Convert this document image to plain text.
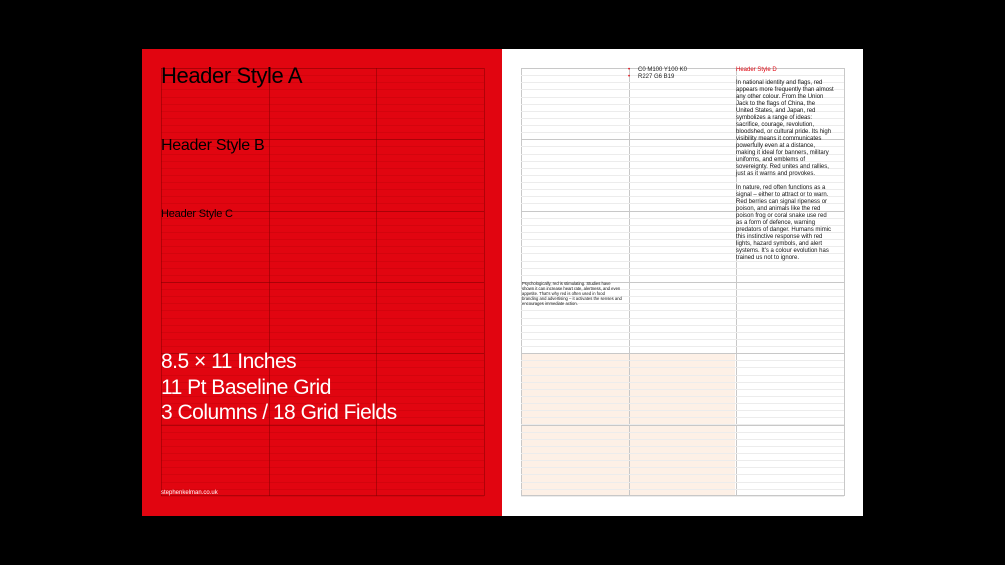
Header Style A
Header Style B
Header Style C
8.5 × 11 Inches
11 Pt Baseline Grid
3 Columns / 18 Grid Fields
stephenkelman.co.uk
• C0 M100 Y100 K0
• R227 G6 B19
Header Style D

In national identity and flags, red appears more frequently than almost any other colour. From the Union Jack to the flags of China, the United States, and Japan, red symbolizes a range of ideas: sacrifice, courage, revolution, bloodshed, or cultural pride. Its high visibility means it communicates powerfully even at a distance, making it ideal for banners, military uniforms, and emblems of sovereignty. Red unites and rallies, just as it warns and provokes.

In nature, red often functions as a signal – either to attract or to warn. Red berries can signal ripeness or poison, and animals like the red poison frog or coral snake use red as a form of defence, warning predators of danger. Humans mimic this instinctive response with red lights, hazard symbols, and alert systems. It's a colour evolution has trained us not to ignore.

Psychologically, red is stimulating. Studies have shown it can increase heart rate, alertness, and even appetite. That's why red is often used in food branding and advertising – it activates the senses and encourages immediate action.
